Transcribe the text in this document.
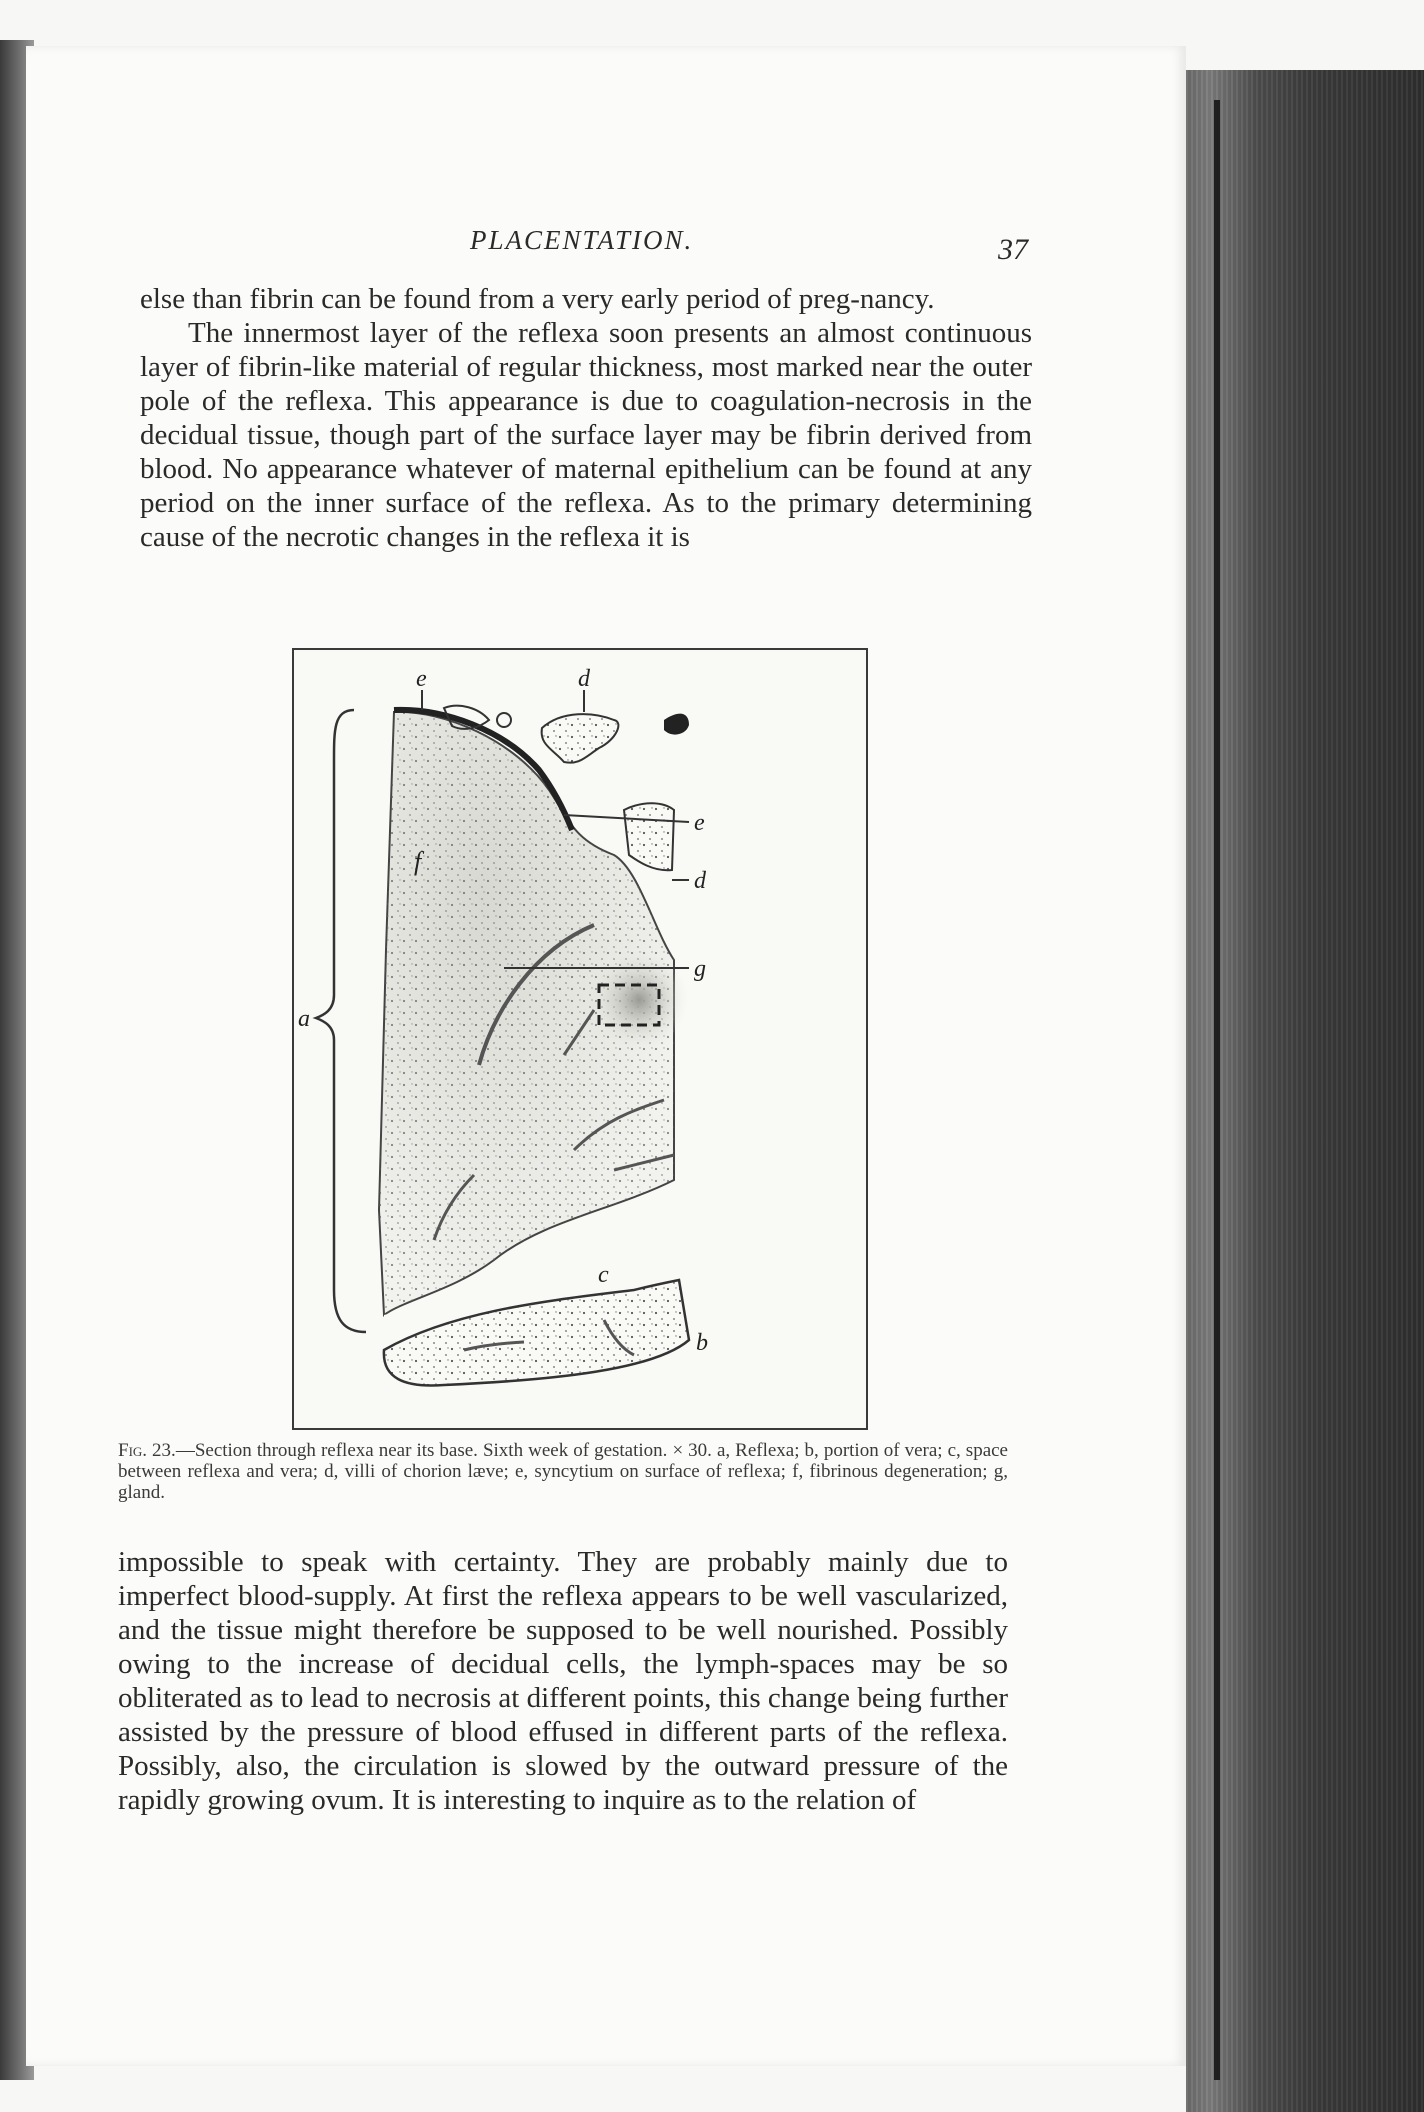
PLACENTATION.	37

else than fibrin can be found from a very early period of preg-nancy.

The innermost layer of the reflexa soon presents an almost continuous layer of fibrin-like material of regular thickness, most marked near the outer pole of the reflexa. This appearance is due to coagulation-necrosis in the decidual tissue, though part of the surface layer may be fibrin derived from blood. No appearance whatever of maternal epithelium can be found at any period on the inner surface of the reflexa. As to the primary determining cause of the necrotic changes in the reflexa it is

e	d
e
d
f
g
a
c
b

Fig. 23.—Section through reflexa near its base. Sixth week of gestation. × 30. a, Reflexa; b, portion of vera; c, space between reflexa and vera; d, villi of chorion læve; e, syncytium on surface of reflexa; f, fibrinous degeneration; g, gland.

impossible to speak with certainty. They are probably mainly due to imperfect blood-supply. At first the reflexa appears to be well vascularized, and the tissue might therefore be supposed to be well nourished. Possibly owing to the increase of decidual cells, the lymph-spaces may be so obliterated as to lead to necrosis at different points, this change being further assisted by the pressure of blood effused in different parts of the reflexa. Possibly, also, the circulation is slowed by the outward pressure of the rapidly growing ovum. It is interesting to inquire as to the relation of
